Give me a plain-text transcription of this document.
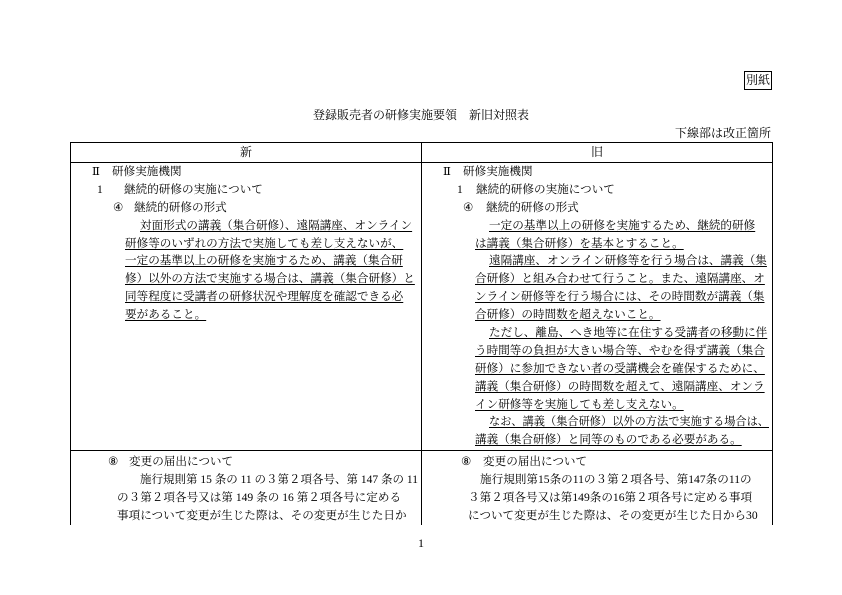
別紙
登録販売者の研修実施要領　新旧対照表
下線部は改正箇所
新	旧
Ⅱ 研修実施機関
1 継続的研修の実施について
④ 継続的研修の形式
対面形式の講義（集合研修）、遠隔講座、オンライン
研修等のいずれの方法で実施しても差し支えないが、
一定の基準以上の研修を実施するため、講義（集合研
修）以外の方法で実施する場合は、講義（集合研修）と
同等程度に受講者の研修状況や理解度を確認できる必
要があること。
Ⅱ 研修実施機関
1 継続的研修の実施について
④ 継続的研修の形式
一定の基準以上の研修を実施するため、継続的研修
は講義（集合研修）を基本とすること。
遠隔講座、オンライン研修等を行う場合は、講義（集
合研修）と組み合わせて行うこと。また、遠隔講座、オ
ンライン研修等を行う場合には、その時間数が講義（集
合研修）の時間数を超えないこと。
ただし、離島、へき地等に在住する受講者の移動に伴
う時間等の負担が大きい場合等、やむを得ず講義（集合
研修）に参加できない者の受講機会を確保するために、
講義（集合研修）の時間数を超えて、遠隔講座、オンラ
イン研修等を実施しても差し支えない。
なお、講義（集合研修）以外の方法で実施する場合は、
講義（集合研修）と同等のものである必要がある。
⑧ 変更の届出について
施行規則第 15 条の 11 の３第２項各号、第 147 条の 11
の３第２項各号又は第 149 条の 16 第２項各号に定める
事項について変更が生じた際は、その変更が生じた日か
⑧ 変更の届出について
施行規則第15条の11の３第２項各号、第147条の11の
３第２項各号又は第149条の16第２項各号に定める事項
について変更が生じた際は、その変更が生じた日から30
1
